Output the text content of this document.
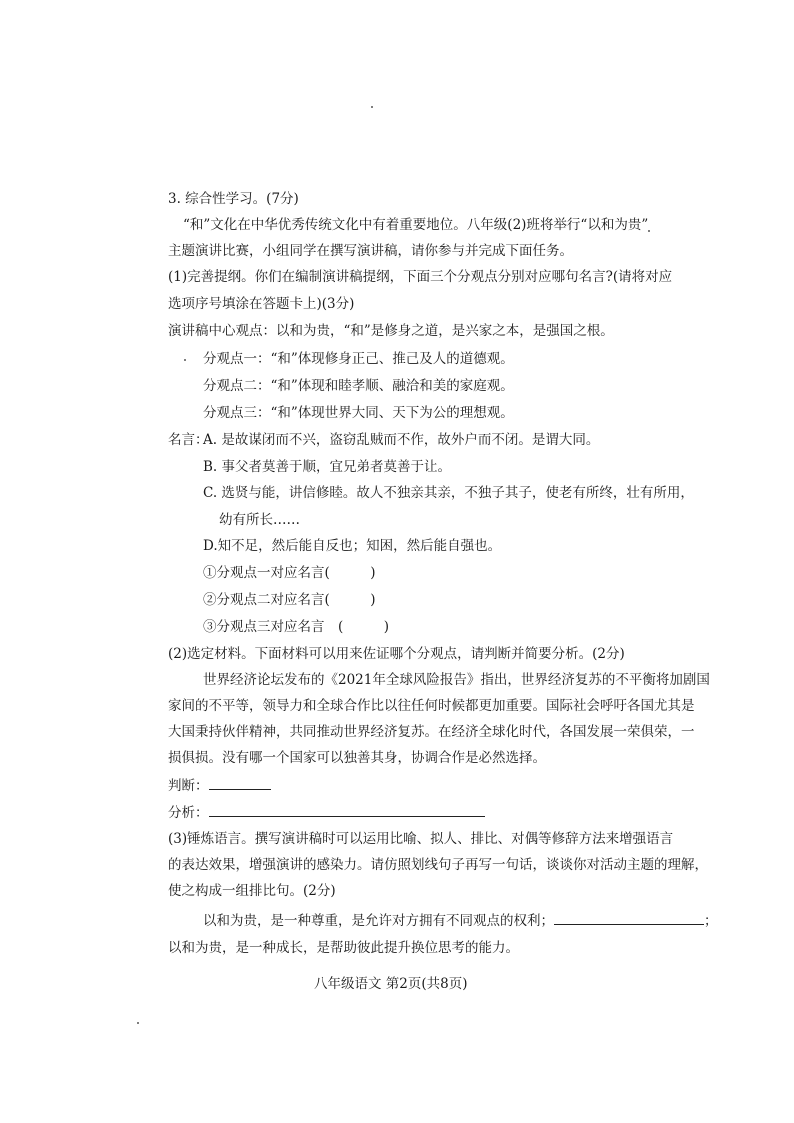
3. 综合性学习。(7分)
“和”文化在中华优秀传统文化中有着重要地位。八年级(2)班将举行“以和为贵”
主题演讲比赛，小组同学在撰写演讲稿，请你参与并完成下面任务。
(1)完善提纲。你们在编制演讲稿提纲，下面三个分观点分别对应哪句名言?(请将对应
选项序号填涂在答题卡上)(3分)
演讲稿中心观点：以和为贵，“和”是修身之道，是兴家之本，是强国之根。
分观点一：“和”体现修身正己、推己及人的道德观。
分观点二：“和”体现和睦孝顺、融洽和美的家庭观。
分观点三：“和”体现世界大同、天下为公的理想观。
名言：
A. 是故谋闭而不兴，盗窃乱贼而不作，故外户而不闭。是谓大同。
B. 事父者莫善于顺，宜兄弟者莫善于让。
C. 选贤与能，讲信修睦。故人不独亲其亲，不独子其子，使老有所终，壮有所用，
幼有所长……
D.知不足，然后能自反也；知困，然后能自强也。
①分观点一对应名言(　　　)
②分观点二对应名言(　　　)
③分观点三对应名言　(　　　)
(2)选定材料。下面材料可以用来佐证哪个分观点，请判断并简要分析。(2分)
世界经济论坛发布的《2021年全球风险报告》指出，世界经济复苏的不平衡将加剧国
家间的不平等，领导力和全球合作比以往任何时候都更加重要。国际社会呼吁各国尤其是
大国秉持伙伴精神，共同推动世界经济复苏。在经济全球化时代，各国发展一荣俱荣，一
损俱损。没有哪一个国家可以独善其身，协调合作是必然选择。
判断：
分析：
(3)锤炼语言。撰写演讲稿时可以运用比喻、拟人、排比、对偶等修辞方法来增强语言
的表达效果，增强演讲的感染力。请仿照划线句子再写一句话，谈谈你对活动主题的理解，
使之构成一组排比句。(2分)
以和为贵，是一种尊重，是允许对方拥有不同观点的权利；	；
以和为贵，是一种成长，是帮助彼此提升换位思考的能力。
八年级语文 第2页(共8页)
